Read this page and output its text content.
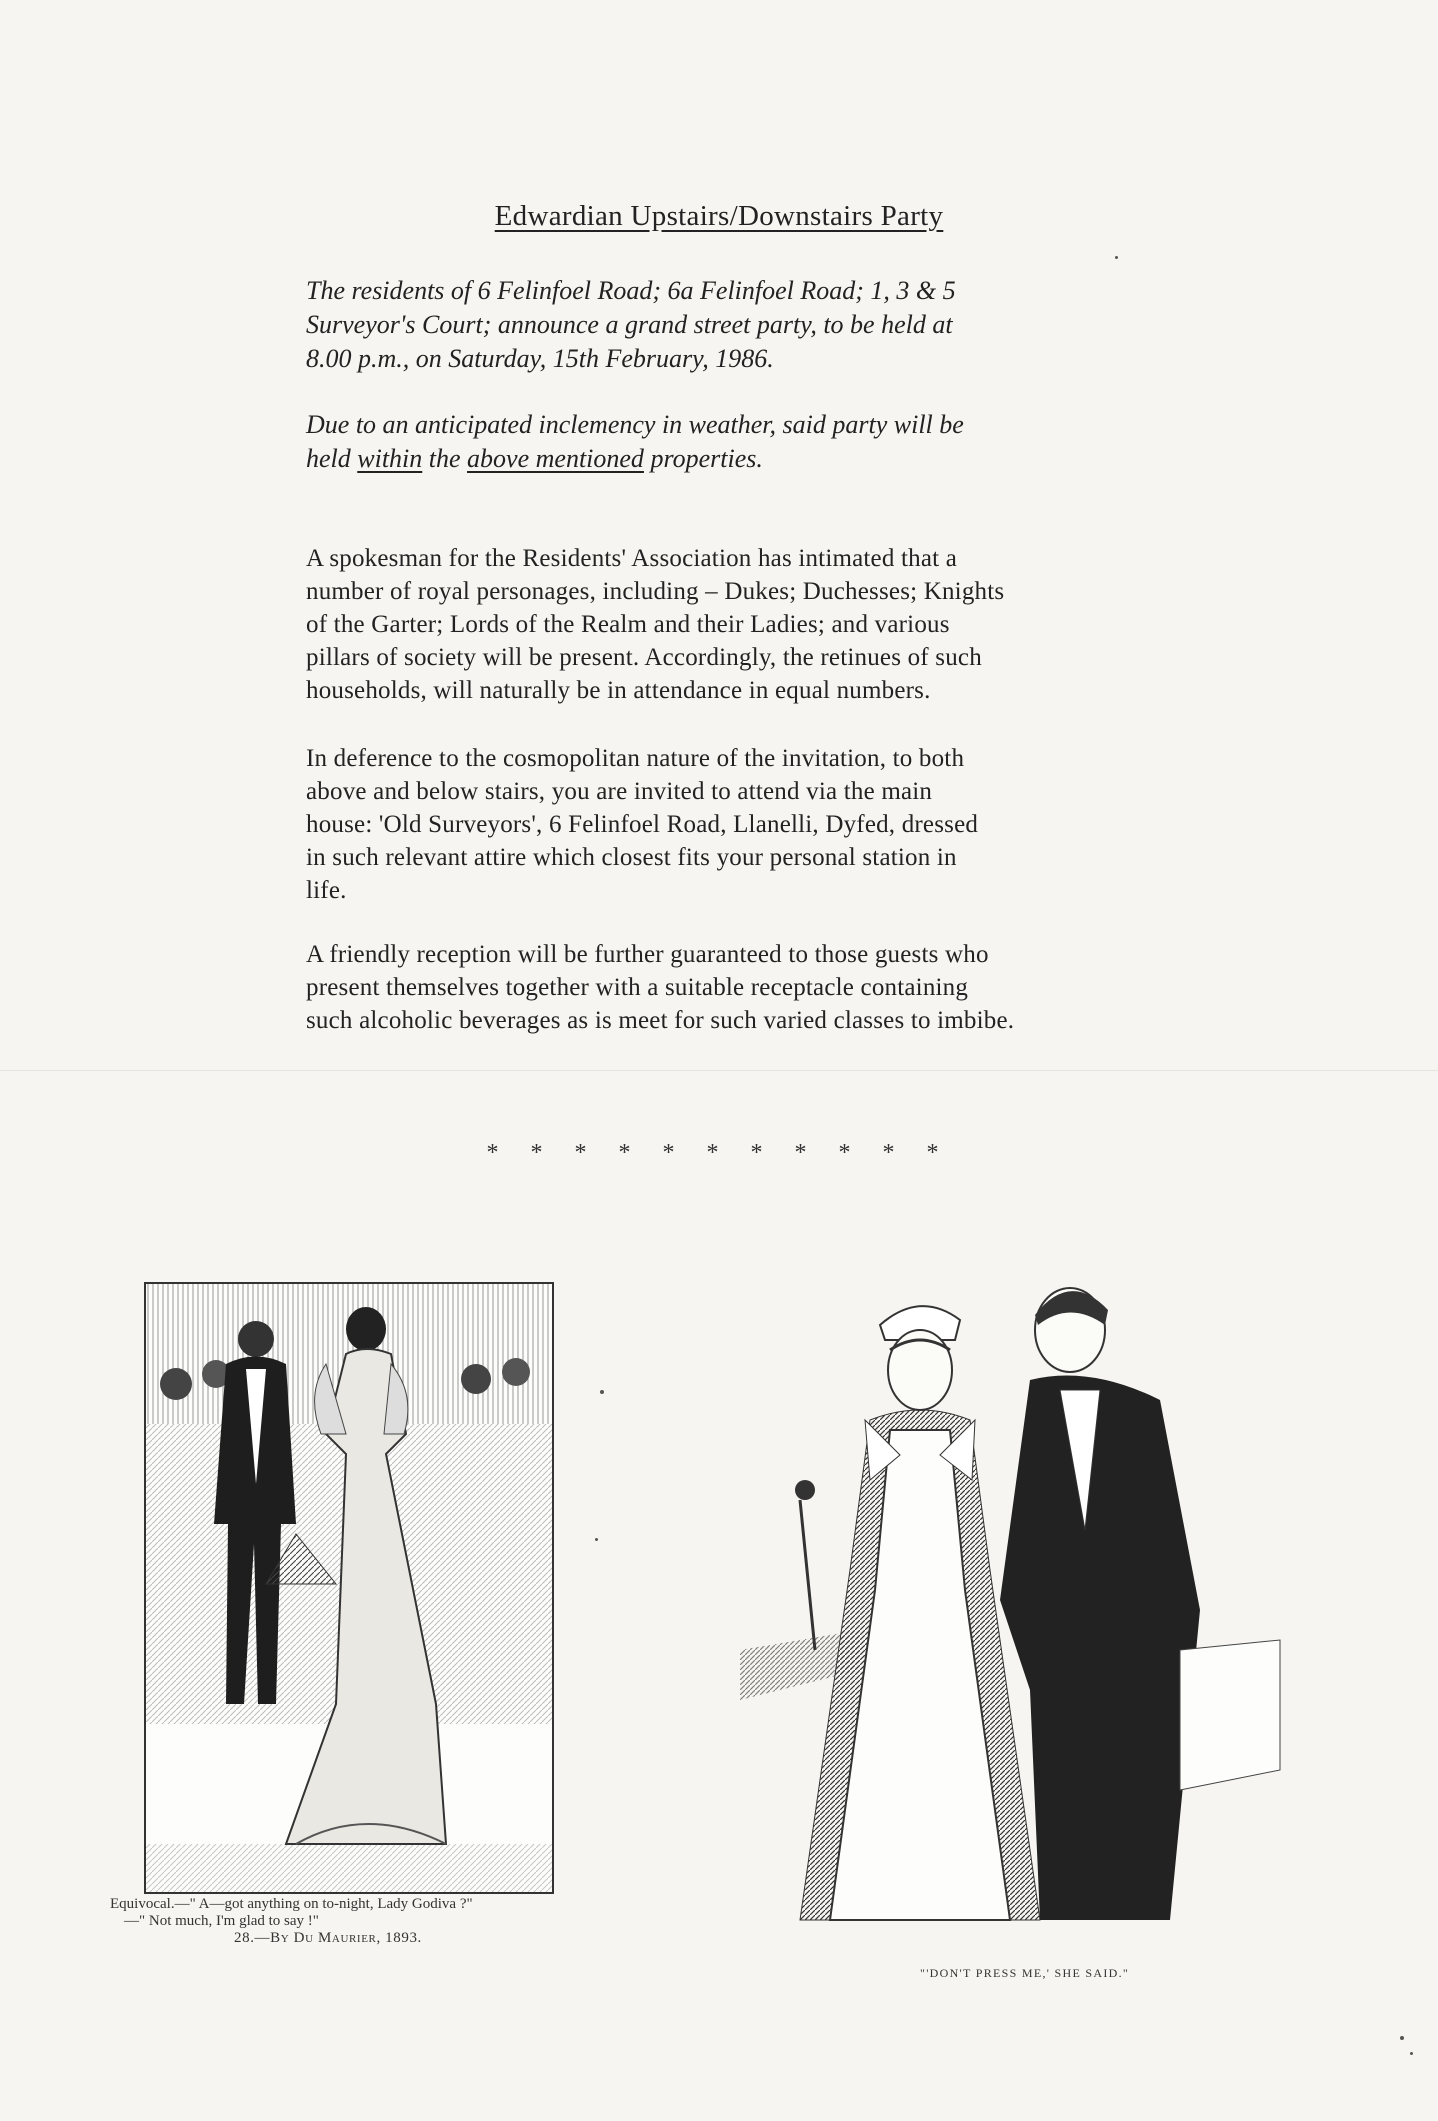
Edwardian Upstairs/Downstairs Party
The residents of 6 Felinfoel Road; 6a Felinfoel Road; 1, 3 & 5
Surveyor's Court; announce a grand street party, to be held at
8.00 p.m., on Saturday, 15th February, 1986.
Due to an anticipated inclemency in weather, said party will be
held within the above mentioned properties.
A spokesman for the Residents' Association has intimated that a
number of royal personages, including – Dukes; Duchesses; Knights
of the Garter; Lords of the Realm and their Ladies; and various
pillars of society will be present. Accordingly, the retinues of such
households, will naturally be in attendance in equal numbers.
In deference to the cosmopolitan nature of the invitation, to both
above and below stairs, you are invited to attend via the main
house: 'Old Surveyors', 6 Felinfoel Road, Llanelli, Dyfed, dressed
in such relevant attire which closest fits your personal station in
life.
A friendly reception will be further guaranteed to those guests who
present themselves together with a suitable receptacle containing
such alcoholic beverages as is meet for such varied classes to imbibe.
* * * * * * * * * * *
Equivocal.—" A—got anything on to-night, Lady Godiva ?"
—" Not much, I'm glad to say !"
28.—By Du Maurier, 1893.
"'DON'T PRESS ME,' SHE SAID."
